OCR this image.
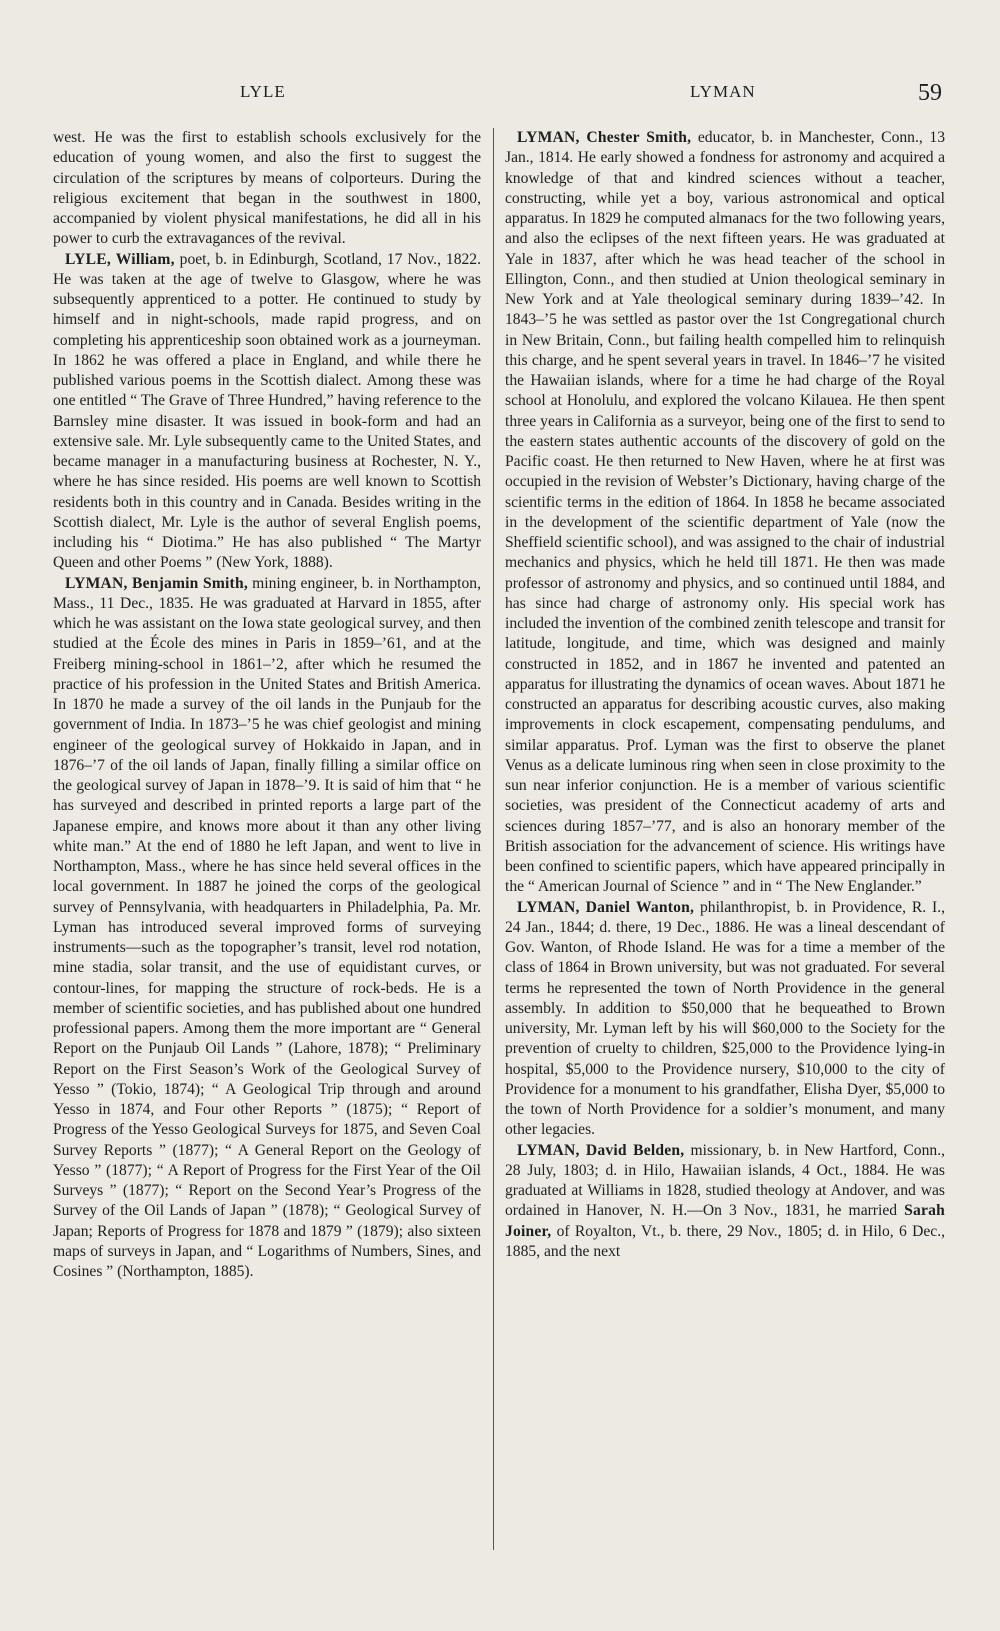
LYLE	LYMAN	59

west. He was the first to establish schools exclusively for the education of young women, and also the first to suggest the circulation of the scriptures by means of colporteurs. During the religious excitement that began in the southwest in 1800, accompanied by violent physical manifestations, he did all in his power to curb the extravagances of the revival.

LYLE, William, poet, b. in Edinburgh, Scotland, 17 Nov., 1822. He was taken at the age of twelve to Glasgow, where he was subsequently apprenticed to a potter. He continued to study by himself and in night-schools, made rapid progress, and on completing his apprenticeship soon obtained work as a journeyman. In 1862 he was offered a place in England, and while there he published various poems in the Scottish dialect. Among these was one entitled “ The Grave of Three Hundred,” having reference to the Barnsley mine disaster. It was issued in book-form and had an extensive sale. Mr. Lyle subsequently came to the United States, and became manager in a manufacturing business at Rochester, N. Y., where he has since resided. His poems are well known to Scottish residents both in this country and in Canada. Besides writing in the Scottish dialect, Mr. Lyle is the author of several English poems, including his “ Diotima.” He has also published “ The Martyr Queen and other Poems ” (New York, 1888).

LYMAN, Benjamin Smith, mining engineer, b. in Northampton, Mass., 11 Dec., 1835. He was graduated at Harvard in 1855, after which he was assistant on the Iowa state geological survey, and then studied at the École des mines in Paris in 1859–’61, and at the Freiberg mining-school in 1861–’2, after which he resumed the practice of his profession in the United States and British America. In 1870 he made a survey of the oil lands in the Punjaub for the government of India. In 1873–’5 he was chief geologist and mining engineer of the geological survey of Hokkaido in Japan, and in 1876–’7 of the oil lands of Japan, finally filling a similar office on the geological survey of Japan in 1878–’9. It is said of him that “ he has surveyed and described in printed reports a large part of the Japanese empire, and knows more about it than any other living white man.” At the end of 1880 he left Japan, and went to live in Northampton, Mass., where he has since held several offices in the local government. In 1887 he joined the corps of the geological survey of Pennsylvania, with headquarters in Philadelphia, Pa. Mr. Lyman has introduced several improved forms of surveying instruments—such as the topographer’s transit, level rod notation, mine stadia, solar transit, and the use of equidistant curves, or contour-lines, for mapping the structure of rock-beds. He is a member of scientific societies, and has published about one hundred professional papers. Among them the more important are “ General Report on the Punjaub Oil Lands ” (Lahore, 1878); “ Preliminary Report on the First Season’s Work of the Geological Survey of Yesso ” (Tokio, 1874); “ A Geological Trip through and around Yesso in 1874, and Four other Reports ” (1875); “ Report of Progress of the Yesso Geological Surveys for 1875, and Seven Coal Survey Reports ” (1877); “ A General Report on the Geology of Yesso ” (1877); “ A Report of Progress for the First Year of the Oil Surveys ” (1877); “ Report on the Second Year’s Progress of the Survey of the Oil Lands of Japan ” (1878); “ Geological Survey of Japan; Reports of Progress for 1878 and 1879 ” (1879); also sixteen maps of surveys in Japan, and “ Logarithms of Numbers, Sines, and Cosines ” (Northampton, 1885).

LYMAN, Chester Smith, educator, b. in Manchester, Conn., 13 Jan., 1814. He early showed a fondness for astronomy and acquired a knowledge of that and kindred sciences without a teacher, constructing, while yet a boy, various astronomical and optical apparatus. In 1829 he computed almanacs for the two following years, and also the eclipses of the next fifteen years. He was graduated at Yale in 1837, after which he was head teacher of the school in Ellington, Conn., and then studied at Union theological seminary in New York and at Yale theological seminary during 1839–’42. In 1843–’5 he was settled as pastor over the 1st Congregational church in New Britain, Conn., but failing health compelled him to relinquish this charge, and he spent several years in travel. In 1846–’7 he visited the Hawaiian islands, where for a time he had charge of the Royal school at Honolulu, and explored the volcano Kilauea. He then spent three years in California as a surveyor, being one of the first to send to the eastern states authentic accounts of the discovery of gold on the Pacific coast. He then returned to New Haven, where he at first was occupied in the revision of Webster’s Dictionary, having charge of the scientific terms in the edition of 1864. In 1858 he became associated in the development of the scientific department of Yale (now the Sheffield scientific school), and was assigned to the chair of industrial mechanics and physics, which he held till 1871. He then was made professor of astronomy and physics, and so continued until 1884, and has since had charge of astronomy only. His special work has included the invention of the combined zenith telescope and transit for latitude, longitude, and time, which was designed and mainly constructed in 1852, and in 1867 he invented and patented an apparatus for illustrating the dynamics of ocean waves. About 1871 he constructed an apparatus for describing acoustic curves, also making improvements in clock escapement, compensating pendulums, and similar apparatus. Prof. Lyman was the first to observe the planet Venus as a delicate luminous ring when seen in close proximity to the sun near inferior conjunction. He is a member of various scientific societies, was president of the Connecticut academy of arts and sciences during 1857–’77, and is also an honorary member of the British association for the advancement of science. His writings have been confined to scientific papers, which have appeared principally in the “ American Journal of Science ” and in “ The New Englander.”

LYMAN, Daniel Wanton, philanthropist, b. in Providence, R. I., 24 Jan., 1844; d. there, 19 Dec., 1886. He was a lineal descendant of Gov. Wanton, of Rhode Island. He was for a time a member of the class of 1864 in Brown university, but was not graduated. For several terms he represented the town of North Providence in the general assembly. In addition to $50,000 that he bequeathed to Brown university, Mr. Lyman left by his will $60,000 to the Society for the prevention of cruelty to children, $25,000 to the Providence lying-in hospital, $5,000 to the Providence nursery, $10,000 to the city of Providence for a monument to his grandfather, Elisha Dyer, $5,000 to the town of North Providence for a soldier’s monument, and many other legacies.

LYMAN, David Belden, missionary, b. in New Hartford, Conn., 28 July, 1803; d. in Hilo, Hawaiian islands, 4 Oct., 1884. He was graduated at Williams in 1828, studied theology at Andover, and was ordained in Hanover, N. H.—On 3 Nov., 1831, he married Sarah Joiner, of Royalton, Vt., b. there, 29 Nov., 1805; d. in Hilo, 6 Dec., 1885, and the next
